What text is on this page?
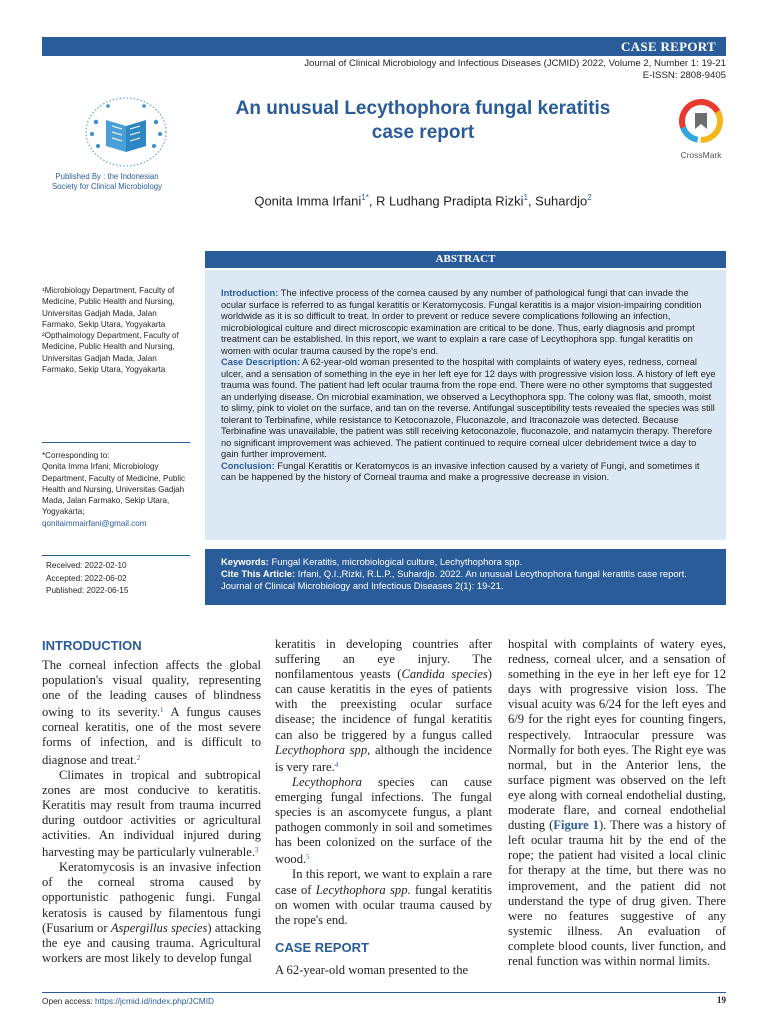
CASE REPORT
Journal of Clinical Microbiology and Infectious Diseases (JCMID) 2022, Volume 2, Number 1: 19-21
E-ISSN: 2808-9405
Published By : the Indonesian Society for Clinical Microbiology
An unusual Lecythophora fungal keratitis case report
CrossMark
Qonita Imma Irfani$^{1*}$, R Ludhang Pradipta Rizki$^1$, Suhardjo$^2$
ABSTRACT
Introduction: The infective process of the cornea caused by any number of pathological fungi that can invade the ocular surface is referred to as fungal keratitis or Keratomycosis. Fungal keratitis is a major vision-impairing condition worldwide as it is so difficult to treat. In order to prevent or reduce severe complications following an infection, microbiological culture and direct microscopic examination are critical to be done. Thus, early diagnosis and prompt treatment can be established. In this report, we want to explain a rare case of Lecythophora spp. fungal keratitis on women with ocular trauma caused by the rope's end.
Case Description: A 62-year-old woman presented to the hospital with complaints of watery eyes, redness, corneal ulcer, and a sensation of something in the eye in her left eye for 12 days with progressive vision loss. A history of left eye trauma was found. The patient had left ocular trauma from the rope end. There were no other symptoms that suggested an underlying disease. On microbial examination, we observed a Lecythophora spp. The colony was flat, smooth, moist to slimy, pink to violet on the surface, and tan on the reverse. Antifungal susceptibility tests revealed the species was still tolerant to Terbinafine, while resistance to Ketoconazole, Fluconazole, and Itraconazole was detected. Because Terbinafine was unavailable, the patient was still receiving ketoconazole, fluconazole, and natamycin therapy. Therefore no significant improvement was achieved. The patient continued to require corneal ulcer debridement twice a day to gain further improvement.
Conclusion: Fungal Keratitis or Keratomycos is an invasive infection caused by a variety of Fungi, and sometimes it can be happened by the history of Corneal trauma and make a progressive decrease in vision.
¹Microbiology Department, Faculty of Medicine, Public Health and Nursing, Universitas Gadjah Mada, Jalan Farmako, Sekip Utara, Yogyakarta
²Opthalmology Department, Faculty of Medicine, Public Health and Nursing, Universitas Gadjah Mada, Jalan Farmako, Sekip Utara, Yogyakarta
*Corresponding to:
Qonita Imma Irfani; Microbiology Department, Faculty of Medicine, Public Health and Nursing, Universitas Gadjah Mada, Jalan Farmako, Sekip Utara, Yogyakarta;
qonitaimmairfani@gmail.com
Received: 2022-02-10
Accepted: 2022-06-02
Published: 2022-06-15
Keywords: Fungal Keratitis, microbiological culture, Lechythophora spp.
Cite This Article: Irfani, Q.I.,Rizki, R.L.P., Suhardjo. 2022. An unusual Lecythophora fungal keratitis case report. Journal of Clinical Microbiology and Infectious Diseases 2(1): 19-21.
INTRODUCTION

The corneal infection affects the global population's visual quality, representing one of the leading causes of blindness owing to its severity.$^1$ A fungus causes corneal keratitis, one of the most severe forms of infection, and is difficult to diagnose and treat.$^2$

Climates in tropical and subtropical zones are most conducive to keratitis. Keratitis may result from trauma incurred during outdoor activities or agricultural activities. An individual injured during harvesting may be particularly vulnerable.$^3$

Keratomycosis is an invasive infection of the corneal stroma caused by opportunistic pathogenic fungi. Fungal keratosis is caused by filamentous fungi (Fusarium or Aspergillus species) attacking the eye and causing trauma. Agricultural workers are most likely to develop fungal

keratitis in developing countries after suffering an eye injury. The nonfilamentous yeasts (Candida species) can cause keratitis in the eyes of patients with the preexisting ocular surface disease; the incidence of fungal keratitis can also be triggered by a fungus called Lecythophora spp, although the incidence is very rare.$^4$

Lecythophora species can cause emerging fungal infections. The fungal species is an ascomycete fungus, a plant pathogen commonly in soil and sometimes has been colonized on the surface of the wood.$^5$

In this report, we want to explain a rare case of Lecythophora spp. fungal keratitis on women with ocular trauma caused by the rope's end.

CASE REPORT

A 62-year-old woman presented to the

hospital with complaints of watery eyes, redness, corneal ulcer, and a sensation of something in the eye in her left eye for 12 days with progressive vision loss. The visual acuity was 6/24 for the left eyes and 6/9 for the right eyes for counting fingers, respectively. Intraocular pressure was Normally for both eyes. The Right eye was normal, but in the Anterior lens, the surface pigment was observed on the left eye along with corneal endothelial dusting, moderate flare, and corneal endothelial dusting (Figure 1). There was a history of left ocular trauma hit by the end of the rope; the patient had visited a local clinic for therapy at the time, but there was no improvement, and the patient did not understand the type of drug given. There were no features suggestive of any systemic illness. An evaluation of complete blood counts, liver function, and renal function was within normal limits.

Open access: https://jcmid.id/index.php/JCMID	19
